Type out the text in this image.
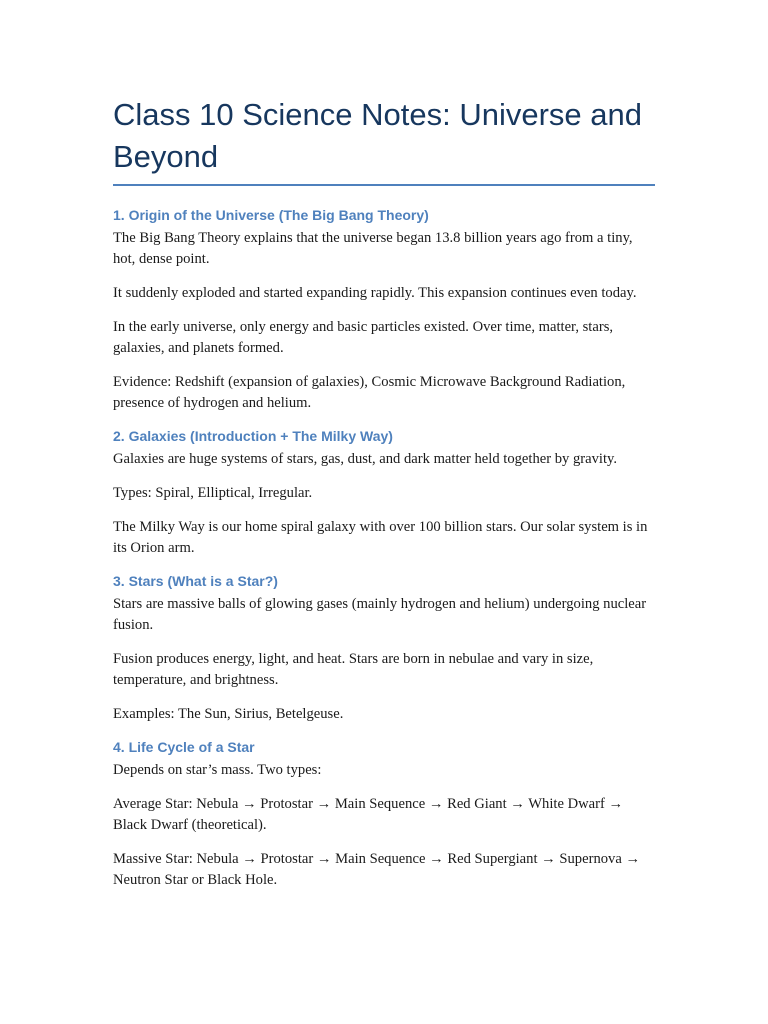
Class 10 Science Notes: Universe and Beyond
1. Origin of the Universe (The Big Bang Theory)

The Big Bang Theory explains that the universe began 13.8 billion years ago from a tiny, hot, dense point.

It suddenly exploded and started expanding rapidly. This expansion continues even today.

In the early universe, only energy and basic particles existed. Over time, matter, stars, galaxies, and planets formed.

Evidence: Redshift (expansion of galaxies), Cosmic Microwave Background Radiation, presence of hydrogen and helium.

2. Galaxies (Introduction + The Milky Way)

Galaxies are huge systems of stars, gas, dust, and dark matter held together by gravity.

Types: Spiral, Elliptical, Irregular.

The Milky Way is our home spiral galaxy with over 100 billion stars. Our solar system is in its Orion arm.

3. Stars (What is a Star?)

Stars are massive balls of glowing gases (mainly hydrogen and helium) undergoing nuclear fusion.

Fusion produces energy, light, and heat. Stars are born in nebulae and vary in size, temperature, and brightness.

Examples: The Sun, Sirius, Betelgeuse.

4. Life Cycle of a Star

Depends on star’s mass. Two types:

Average Star: Nebula → Protostar → Main Sequence → Red Giant → White Dwarf → Black Dwarf (theoretical).

Massive Star: Nebula → Protostar → Main Sequence → Red Supergiant → Supernova → Neutron Star or Black Hole.
